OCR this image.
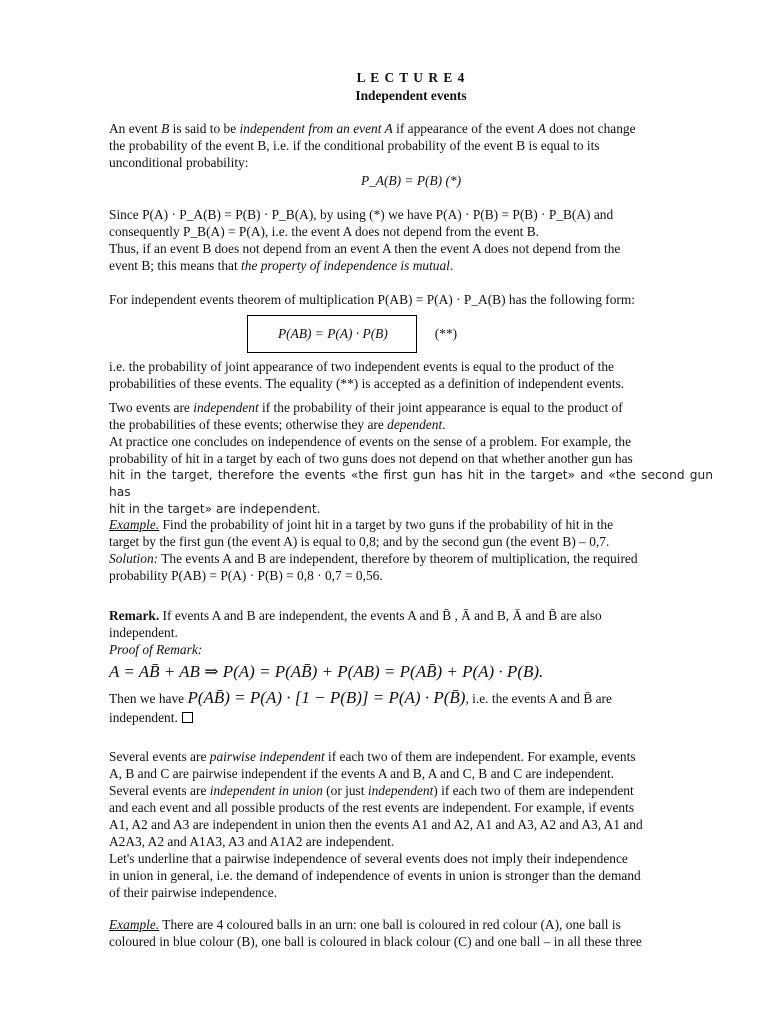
L E C T U R E 4

Independent events

An event B is said to be independent from an event A if appearance of the event A does not change

the probability of the event B, i.e. if the conditional probability of the event B is equal to its

unconditional probability:

P_A(B) = P(B) (*)

Since P(A) · P_A(B) = P(B) · P_B(A), by using (*) we have P(A) · P(B) = P(B) · P_B(A) and

consequently P_B(A) = P(A), i.e. the event A does not depend from the event B.

Thus, if an event B does not depend from an event A then the event A does not depend from the

event B; this means that the property of independence is mutual.

For independent events theorem of multiplication P(AB) = P(A) · P_A(B) has the following form:

P(AB) = P(A) · P(B)	(**)

i.e. the probability of joint appearance of two independent events is equal to the product of the

probabilities of these events. The equality (**) is accepted as a definition of independent events.

Two events are independent if the probability of their joint appearance is equal to the product of

the probabilities of these events; otherwise they are dependent.

At practice one concludes on independence of events on the sense of a problem. For example, the

probability of hit in a target by each of two guns does not depend on that whether another gun has

hit in the target, therefore the events «the first gun has hit in the target» and «the second gun has

hit in the target» are independent.

Example. Find the probability of joint hit in a target by two guns if the probability of hit in the

target by the first gun (the event A) is equal to 0,8; and by the second gun (the event B) – 0,7.

Solution: The events A and B are independent, therefore by theorem of multiplication, the required

probability P(AB) = P(A) · P(B) = 0,8 · 0,7 = 0,56.

Remark. If events A and B are independent, the events A and B̄ , Ā and B, Ā and B̄ are also

independent.

Proof of Remark:

A = AB̄ + AB ⇒ P(A) = P(AB̄) + P(AB) = P(AB̄) + P(A) · P(B).

Then we have P(AB̄) = P(A) · [1 − P(B)] = P(A) · P(B̄), i.e. the events A and B̄ are

independent.

Several events are pairwise independent if each two of them are independent. For example, events

A, B and C are pairwise independent if the events A and B, A and C, B and C are independent.

Several events are independent in union (or just independent) if each two of them are independent

and each event and all possible products of the rest events are independent. For example, if events

A1, A2 and A3 are independent in union then the events A1 and A2, A1 and A3, A2 and A3, A1 and

A2A3, A2 and A1A3, A3 and A1A2 are independent.

Let's underline that a pairwise independence of several events does not imply their independence

in union in general, i.e. the demand of independence of events in union is stronger than the demand

of their pairwise independence.

Example. There are 4 coloured balls in an urn: one ball is coloured in red colour (A), one ball is

coloured in blue colour (B), one ball is coloured in black colour (C) and one ball – in all these three
